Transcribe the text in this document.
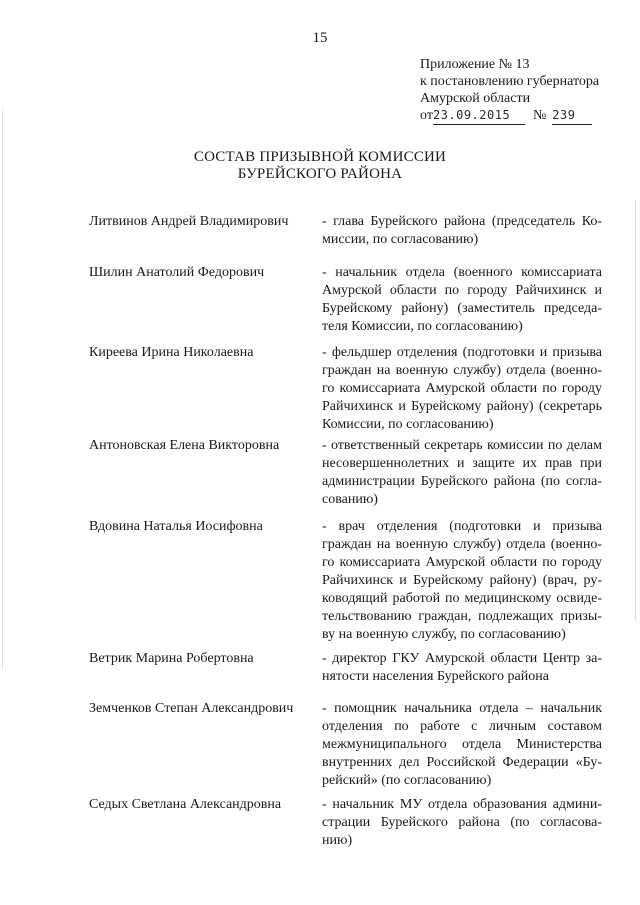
15
Приложение № 13
к постановлению губернатора
Амурской области
от23.09.2015 № 239
СОСТАВ ПРИЗЫВНОЙ КОМИССИИ
БУРЕЙСКОГО РАЙОНА
Литвинов Андрей Владимирович	- глава Бурейского района (председатель Ко-
миссии, по согласованию)
Шилин Анатолий Федорович	- начальник отдела (военного комиссариата
Амурской области по городу Райчихинск и
Бурейскому району) (заместитель председа-
теля Комиссии, по согласованию)
Киреева Ирина Николаевна	- фельдшер отделения (подготовки и призыва
граждан на военную службу) отдела (военно-
го комиссариата Амурской области по городу
Райчихинск и Бурейскому району) (секретарь
Комиссии, по согласованию)
Антоновская Елена Викторовна	- ответственный секретарь комиссии по делам
несовершеннолетних и защите их прав при
администрации Бурейского района (по согла-
сованию)
Вдовина Наталья Иосифовна	- врач отделения (подготовки и призыва
граждан на военную службу) отдела (военно-
го комиссариата Амурской области по городу
Райчихинск и Бурейскому району) (врач, ру-
ководящий работой по медицинскому освиде-
тельствованию граждан, подлежащих призы-
ву на военную службу, по согласованию)
Ветрик Марина Робертовна	- директор ГКУ Амурской области Центр за-
нятости населения Бурейского района
Земченков Степан Александрович	- помощник начальника отдела – начальник
отделения по работе с личным составом
межмуниципального отдела Министерства
внутренних дел Российской Федерации «Бу-
рейский» (по согласованию)
Седых Светлана Александровна	- начальник МУ отдела образования админи-
страции Бурейского района (по согласова-
нию)
